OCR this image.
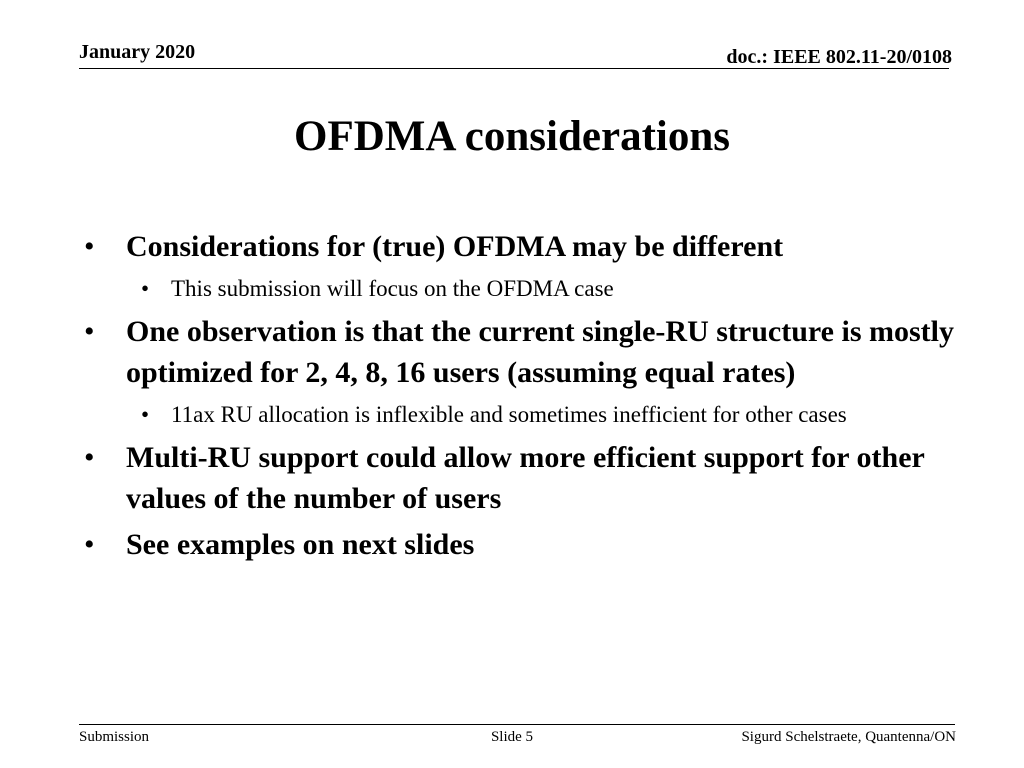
January 2020	doc.: IEEE 802.11-20/0108
OFDMA considerations
• Considerations for (true) OFDMA may be different
• This submission will focus on the OFDMA case
• One observation is that the current single-RU structure is mostly optimized for 2, 4, 8, 16 users (assuming equal rates)
• 11ax RU allocation is inflexible and sometimes inefficient for other cases
• Multi-RU support could allow more efficient support for other values of the number of users
• See examples on next slides
Submission	Slide 5	Sigurd Schelstraete, Quantenna/ON
